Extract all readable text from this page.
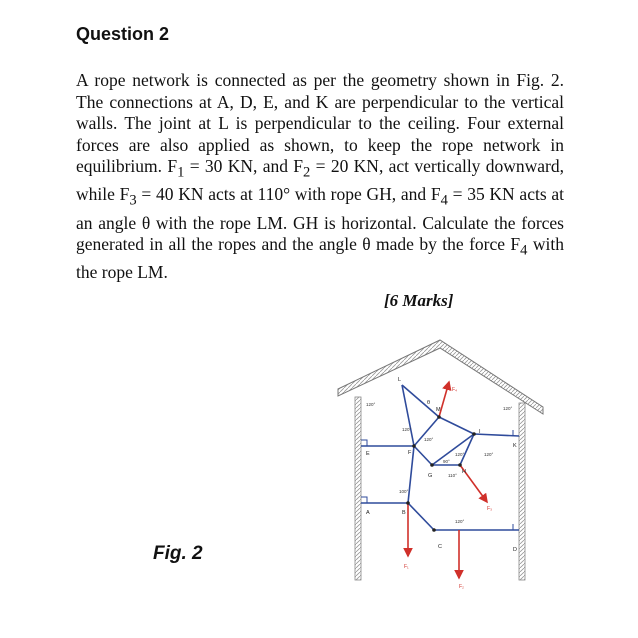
Question 2
A rope network is connected as per the geometry shown in Fig. 2. The connections at A, D, E, and K are perpendicular to the vertical walls. The joint at L is perpendicular to the ceiling. Four external forces are also applied as shown, to keep the rope network in equilibrium. $F_1 = 30$ KN, and $F_2 = 20$ KN, act vertically downward, while $F_3 = 40$ KN acts at 110° with rope GH, and $F_4 = 35$ KN acts at an angle θ with the rope LM. GH is horizontal. Calculate the forces generated in all the ropes and the angle θ made by the force $F_4$ with the rope LM.
[6 Marks]
L
M
E	F
I
K
G
H
A	B
C	D
θ
120°
120°
120°
120°
90°
120°
110°
120°
100°
120°
F₄
F₃
F₁
F₂
Fig. 2
